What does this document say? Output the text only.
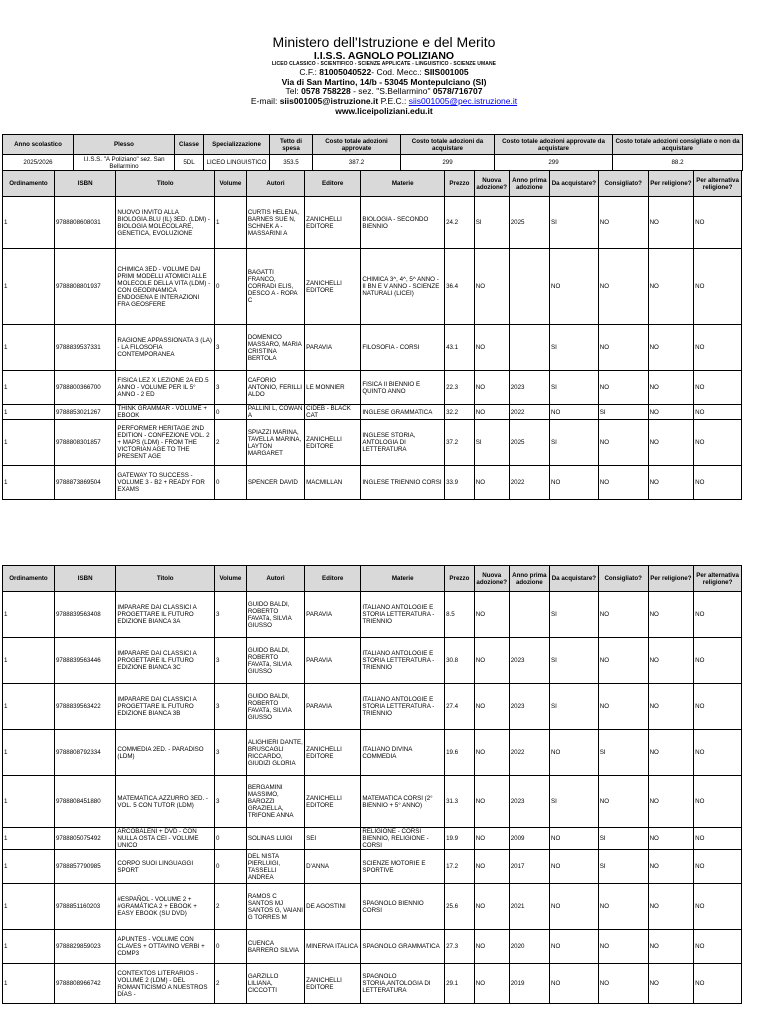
Ministero dell'Istruzione e del Merito
I.I.S.S. AGNOLO POLIZIANO
LICEO CLASSICO - SCIENTIFICO - SCIENZE APPLICATE - LINGUISTICO - SCIENZE UMANE
C.F.: 81005040522- Cod. Mecc.: SIIS001005
Via di San Martino, 14/b - 53045 Montepulciano (SI)
Tel: 0578 758228 - sez. "S.Bellarmino" 0578/716707
E-mail: siis001005@istruzione.it P.E.C.: siis001005@pec.istruzione.it
www.liceipoliziani.edu.it
Anno scolastico	Plesso	Classe	Specializzazione	Tetto di spesa	Costo totale adozioni approvate	Costo totale adozioni da acquistare	Costo totale adozioni approvate da acquistare	Costo totale adozioni consigliate o non da acquistare
2025/2026	I.I.S.S. "A Poliziano" sez. San Bellarmino	5DL	LICEO LINGUISTICO	353.5	387.2	299	299	88.2
Ordinamento	ISBN	Titolo	Volume	Autori	Editore	Materie	Prezzo	Nuova adozione?	Anno prima adozione	Da acquistare?	Consigliato?	Per religione?	Per alternativa religione?
1	9788808608031	NUOVO INVITO ALLA BIOLOGIA.BLU (IL) 3ED. (LDM) - BIOLOGIA MOLECOLARE, GENETICA, EVOLUZIONE	1	CURTIS HELENA, BARNES SUE N, SCHNEK A - MASSARINI A	ZANICHELLI EDITORE	BIOLOGIA - SECONDO BIENNIO	24.2	SI	2025	SI	NO	NO	NO
1	9788808801937	CHIMICA 3ED - VOLUME DAI PRIMI MODELLI ATOMICI ALLE MOLECOLE DELLA VITA (LDM) - CON GEODINAMICA ENDOGENA E INTERAZIONI FRA GEOSFERE	0	BAGATTI FRANCO, CORRADI ELIS, DESCO A - ROPA C	ZANICHELLI EDITORE	CHIMICA 3^, 4^, 5^ ANNO - II BN E V ANNO - SCIENZE NATURALI (LICEI)	36.4	NO		NO	NO	NO	NO
1	9788839537331	RAGIONE APPASSIONATA 3 (LA) - LA FILOSOFIA CONTEMPORANEA	3	DOMENICO MASSARO, MARIA CRISTINA BERTOLA	PARAVIA	FILOSOFIA - CORSI	43.1	NO		SI	NO	NO	NO
1	9788800366700	FISICA LEZ X LEZIONE 2A ED.5 ANNO - VOLUME PER IL 5° ANNO - 2 ED	3	CAFORIO ANTONIO, FERILLI ALDO	LE MONNIER	FISICA II BIENNIO E QUINTO ANNO	22.3	NO	2023	SI	NO	NO	NO
1	9788853021267	THINK GRAMMAR - VOLUME + EBOOK	0	PALLINI L, COWAN A	CIDEB - BLACK CAT	INGLESE GRAMMATICA	32.2	NO	2022	NO	SI	NO	NO
1	9788808301857	PERFORMER HERITAGE 2ND EDITION - CONFEZIONE VOL. 2 + MAPS (LDM) - FROM THE VICTORIAN AGE TO THE PRESENT AGE	2	SPIAZZI MARINA, TAVELLA MARINA, LAYTON MARGARET	ZANICHELLI EDITORE	INGLESE STORIA, ANTOLOGIA DI LETTERATURA	37.2	SI	2025	SI	NO	NO	NO
1	9788873869504	GATEWAY TO SUCCESS - VOLUME 3 - B2 + READY FOR EXAMS	0	SPENCER DAVID	MACMILLAN	INGLESE TRIENNIO CORSI	33.9	NO	2022	NO	NO	NO	NO
Ordinamento	ISBN	Titolo	Volume	Autori	Editore	Materie	Prezzo	Nuova adozione?	Anno prima adozione	Da acquistare?	Consigliato?	Per religione?	Per alternativa religione?
1	9788839563408	IMPARARE DAI CLASSICI A PROGETTARE IL FUTURO EDIZIONE BIANCA 3A	3	GUIDO BALDI, ROBERTO FAVATà, SILVIA GIUSSO	PARAVIA	ITALIANO ANTOLOGIE E STORIA LETTERATURA - TRIENNIO	8.5	NO		SI	NO	NO	NO
1	9788839563446	IMPARARE DAI CLASSICI A PROGETTARE IL FUTURO EDIZIONE BIANCA 3C	3	GUIDO BALDI, ROBERTO FAVATà, SILVIA GIUSSO	PARAVIA	ITALIANO ANTOLOGIE E STORIA LETTERATURA - TRIENNIO	30.8	NO	2023	SI	NO	NO	NO
1	9788839563422	IMPARARE DAI CLASSICI A PROGETTARE IL FUTURO EDIZIONE BIANCA 3B	3	GUIDO BALDI, ROBERTO FAVATà, SILVIA GIUSSO	PARAVIA	ITALIANO ANTOLOGIE E STORIA LETTERATURA - TRIENNIO	27.4	NO	2023	SI	NO	NO	NO
1	9788808792334	COMMEDIA 2ED. - PARADISO (LDM)	3	ALIGHIERI DANTE, BRUSCAGLI RICCARDO, GIUDIZI GLORIA	ZANICHELLI EDITORE	ITALIANO DIVINA COMMEDIA	19.6	NO	2022	NO	SI	NO	NO
1	9788808451880	MATEMATICA.AZZURRO 3ED. - VOL. 5 CON TUTOR (LDM)	3	BERGAMINI MASSIMO, BAROZZI GRAZIELLA, TRIFONE ANNA	ZANICHELLI EDITORE	MATEMATICA CORSI (2° BIENNIO + 5° ANNO)	31.3	NO	2023	SI	NO	NO	NO
1	9788805075492	ARCOBALENI + DVD - CON NULLA OSTA CEI - VOLUME UNICO	0	SOLINAS LUIGI	SEI	RELIGIONE - CORSI BIENNIO, RELIGIONE - CORSI	19.9	NO	2009	NO	SI	NO	NO
1	9788857790985	CORPO SUOI LINGUAGGI SPORT	0	DEL NISTA PIERLUIGI, TASSELLI ANDREA	D'ANNA	SCIENZE MOTORIE E SPORTIVE	17.2	NO	2017	NO	SI	NO	NO
1	9788851160203	#ESPAÑOL - VOLUME 2 + #GRAMÁTICA 2 + EBOOK + EASY EBOOK (SU DVD)	2	RAMOS C SANTOS MJ SANTOS G, VAIANI G TORRES M	DE AGOSTINI	SPAGNOLO BIENNIO CORSI	25.6	NO	2021	NO	NO	NO	NO
1	9788829859023	APUNTES - VOLUME CON CLAVES + OTTAVINO VERBI + CDMP3	0	CUENCA BARRERO SILVIA	MINERVA ITALICA	SPAGNOLO GRAMMATICA	27.3	NO	2020	NO	NO	NO	NO
1	9788808966742	CONTEXTOS LITERARIOS - VOLUME 2 (LDM) - DEL ROMANTICISMO A NUESTROS DÍAS -	2	GARZILLO LILIANA, CICCOTTI	ZANICHELLI EDITORE	SPAGNOLO STORIA,ANTOLOGIA DI LETTERATURA	29.1	NO	2019	NO	NO	NO	NO
